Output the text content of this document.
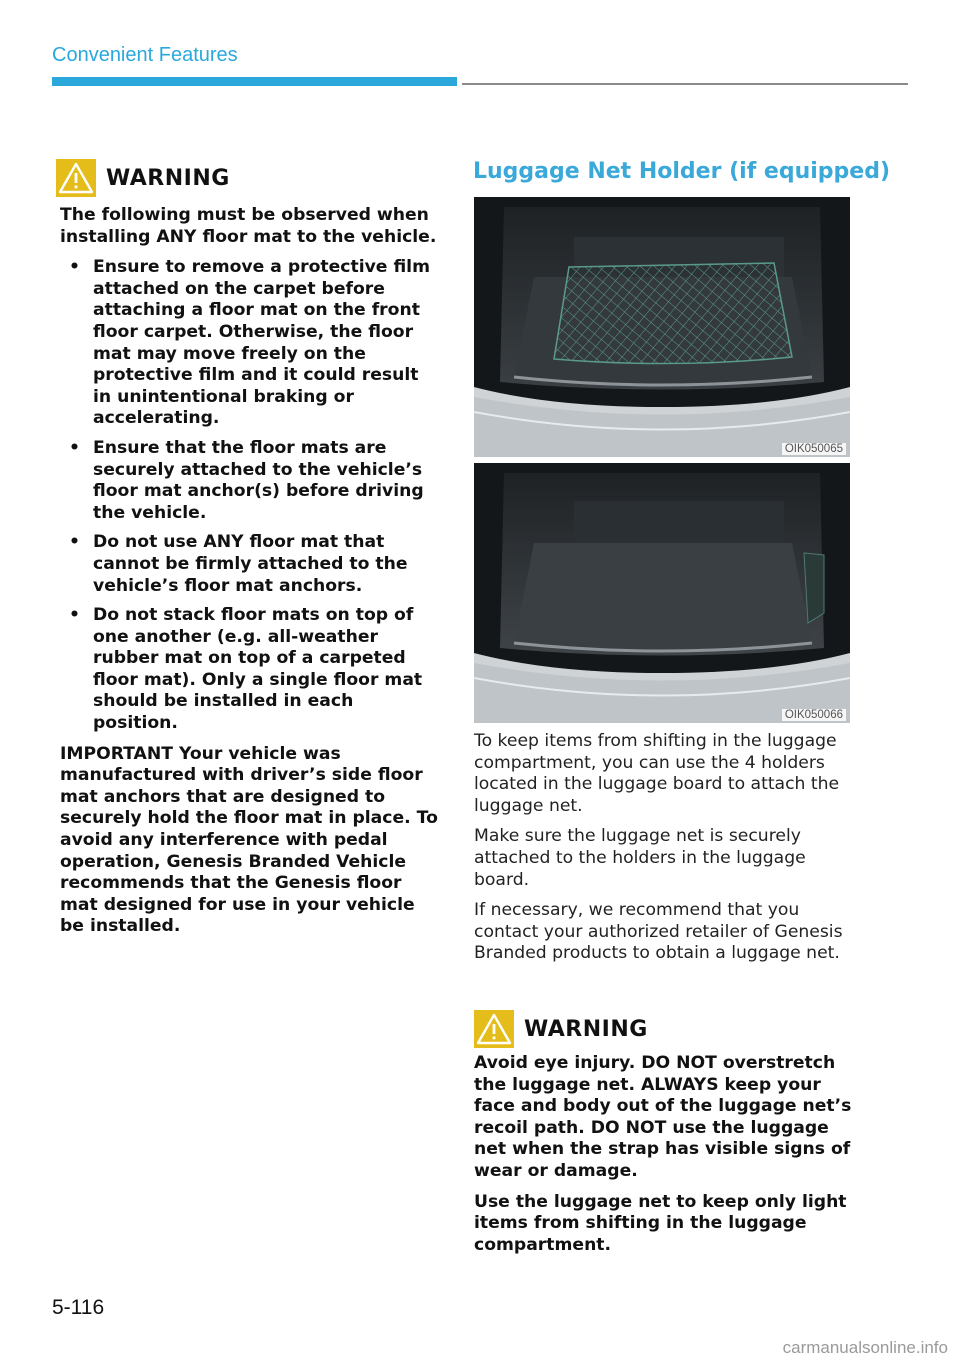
Convenient Features
WARNING

The following must be observed when installing ANY floor mat to the vehicle.

• Ensure to remove a protective film attached on the carpet before attaching a floor mat on the front floor carpet. Otherwise, the floor mat may move freely on the protective film and it could result in unintentional braking or accelerating.
• Ensure that the floor mats are securely attached to the vehicle’s floor mat anchor(s) before driving the vehicle.
• Do not use ANY floor mat that cannot be firmly attached to the vehicle’s floor mat anchors.
• Do not stack floor mats on top of one another (e.g. all-weather rubber mat on top of a carpeted floor mat). Only a single floor mat should be installed in each position.

IMPORTANT Your vehicle was manufactured with driver’s side floor mat anchors that are designed to securely hold the floor mat in place. To avoid any interference with pedal operation, Genesis Branded Vehicle recommends that the Genesis floor mat designed for use in your vehicle be installed.

Luggage Net Holder (if equipped)
OIK050065
OIK050066

To keep items from shifting in the luggage compartment, you can use the 4 holders located in the luggage board to attach the luggage net.

Make sure the luggage net is securely attached to the holders in the luggage board.

If necessary, we recommend that you contact your authorized retailer of Genesis Branded products to obtain a luggage net.

WARNING

Avoid eye injury. DO NOT overstretch the luggage net. ALWAYS keep your face and body out of the luggage net’s recoil path. DO NOT use the luggage net when the strap has visible signs of wear or damage.

Use the luggage net to keep only light items from shifting in the luggage compartment.

5-116
carmanualsonline.info
